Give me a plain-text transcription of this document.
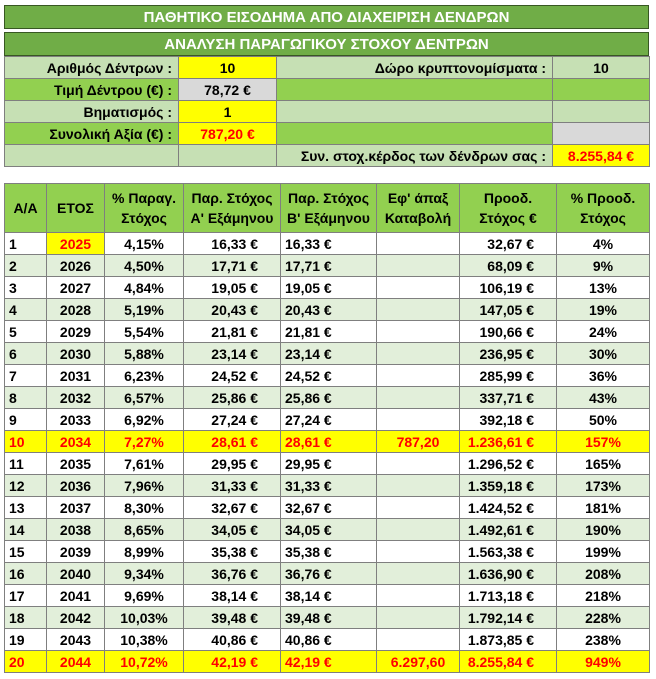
ΠΑΘΗΤΙΚΟ ΕΙΣΟΔΗΜΑ ΑΠΟ ΔΙΑΧΕΙΡΙΣΗ ΔΕΝΔΡΩΝ
ΑΝΑΛΥΣΗ ΠΑΡΑΓΩΓΙΚΟΥ ΣΤΟΧΟΥ ΔΕΝΤΡΩΝ
Αριθμός Δέντρων :	10	Δώρο κρυπτονομίσματα :	10
Τιμή Δέντρου (€) :	78,72 €		
Βηματισμός :	1		
Συνολική Αξία (€) :	787,20 €		
		Συν. στοχ.κέρδος των δένδρων σας :	8.255,84 €
Α/Α	ΕΤΟΣ	% Παραγ. Στόχος	Παρ. Στόχος Α' Εξάμηνου	Παρ. Στόχος Β' Εξάμηνου	Εφ' άπαξ Καταβολή	Προοδ. Στόχος €	% Προοδ. Στόχος
1	2025	4,15%	16,33 €	16,33 €		32,67 €	4%
2	2026	4,50%	17,71 €	17,71 €		68,09 €	9%
3	2027	4,84%	19,05 €	19,05 €		106,19 €	13%
4	2028	5,19%	20,43 €	20,43 €		147,05 €	19%
5	2029	5,54%	21,81 €	21,81 €		190,66 €	24%
6	2030	5,88%	23,14 €	23,14 €		236,95 €	30%
7	2031	6,23%	24,52 €	24,52 €		285,99 €	36%
8	2032	6,57%	25,86 €	25,86 €		337,71 €	43%
9	2033	6,92%	27,24 €	27,24 €		392,18 €	50%
10	2034	7,27%	28,61 €	28,61 €	787,20	1.236,61 €	157%
11	2035	7,61%	29,95 €	29,95 €		1.296,52 €	165%
12	2036	7,96%	31,33 €	31,33 €		1.359,18 €	173%
13	2037	8,30%	32,67 €	32,67 €		1.424,52 €	181%
14	2038	8,65%	34,05 €	34,05 €		1.492,61 €	190%
15	2039	8,99%	35,38 €	35,38 €		1.563,38 €	199%
16	2040	9,34%	36,76 €	36,76 €		1.636,90 €	208%
17	2041	9,69%	38,14 €	38,14 €		1.713,18 €	218%
18	2042	10,03%	39,48 €	39,48 €		1.792,14 €	228%
19	2043	10,38%	40,86 €	40,86 €		1.873,85 €	238%
20	2044	10,72%	42,19 €	42,19 €	6.297,60	8.255,84 €	949%
